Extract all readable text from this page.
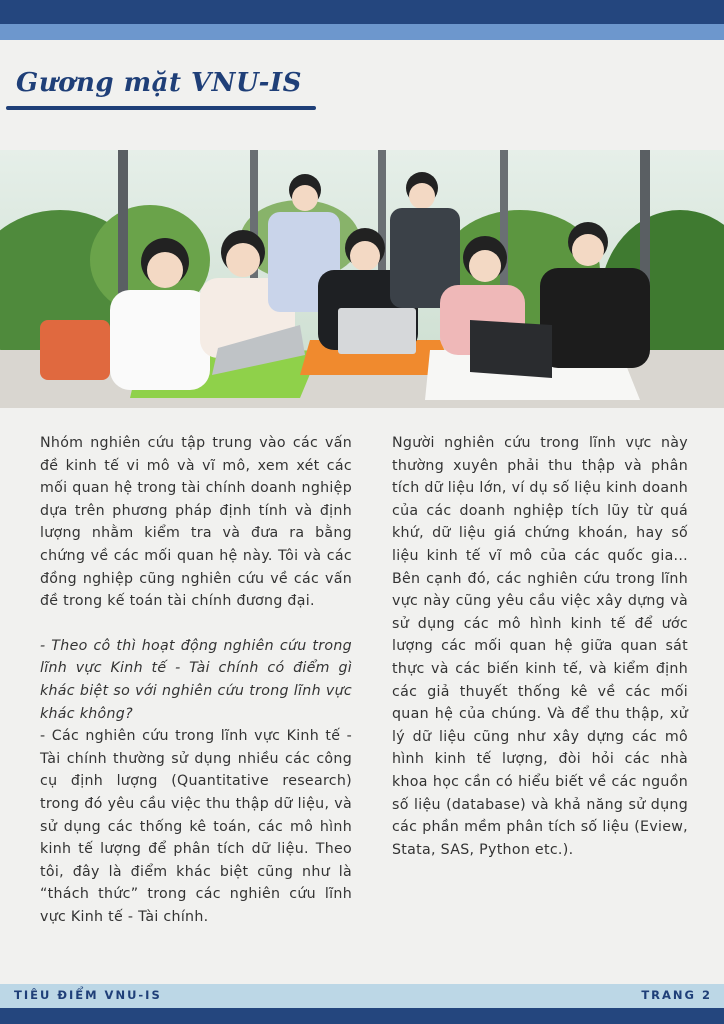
Gương mặt VNU-IS

Nhóm nghiên cứu tập trung vào các vấn đề kinh tế vi mô và vĩ mô, xem xét các mối quan hệ trong tài chính doanh nghiệp dựa trên phương pháp định tính và định lượng nhằm kiểm tra và đưa ra bằng chứng về các mối quan hệ này. Tôi và các đồng nghiệp cũng nghiên cứu về các vấn đề trong kế toán tài chính đương đại.

- Theo cô thì hoạt động nghiên cứu trong lĩnh vực Kinh tế - Tài chính có điểm gì khác biệt so với nghiên cứu trong lĩnh vực khác không?

- Các nghiên cứu trong lĩnh vực Kinh tế - Tài chính thường sử dụng nhiều các công cụ định lượng (Quantitative research) trong đó yêu cầu việc thu thập dữ liệu, và sử dụng các thống kê toán, các mô hình kinh tế lượng để phân tích dữ liệu. Theo tôi, đây là điểm khác biệt cũng như là “thách thức” trong các nghiên cứu lĩnh vực Kinh tế - Tài chính.

Người nghiên cứu trong lĩnh vực này thường xuyên phải thu thập và phân tích dữ liệu lớn, ví dụ số liệu kinh doanh của các doanh nghiệp tích lũy từ quá khứ, dữ liệu giá chứng khoán, hay số liệu kinh tế vĩ mô của các quốc gia... Bên cạnh đó, các nghiên cứu trong lĩnh vực này cũng yêu cầu việc xây dựng và sử dụng các mô hình kinh tế để ước lượng các mối quan hệ giữa quan sát thực và các biến kinh tế, và kiểm định các giả thuyết thống kê về các mối quan hệ của chúng. Và để thu thập, xử lý dữ liệu cũng như xây dựng các mô hình kinh tế lượng, đòi hỏi các nhà khoa học cần có hiểu biết về các nguồn số liệu (database) và khả năng sử dụng các phần mềm phân tích số liệu (Eview, Stata, SAS, Python etc.).

TIÊU ĐIỂM VNU-IS	TRANG 2
